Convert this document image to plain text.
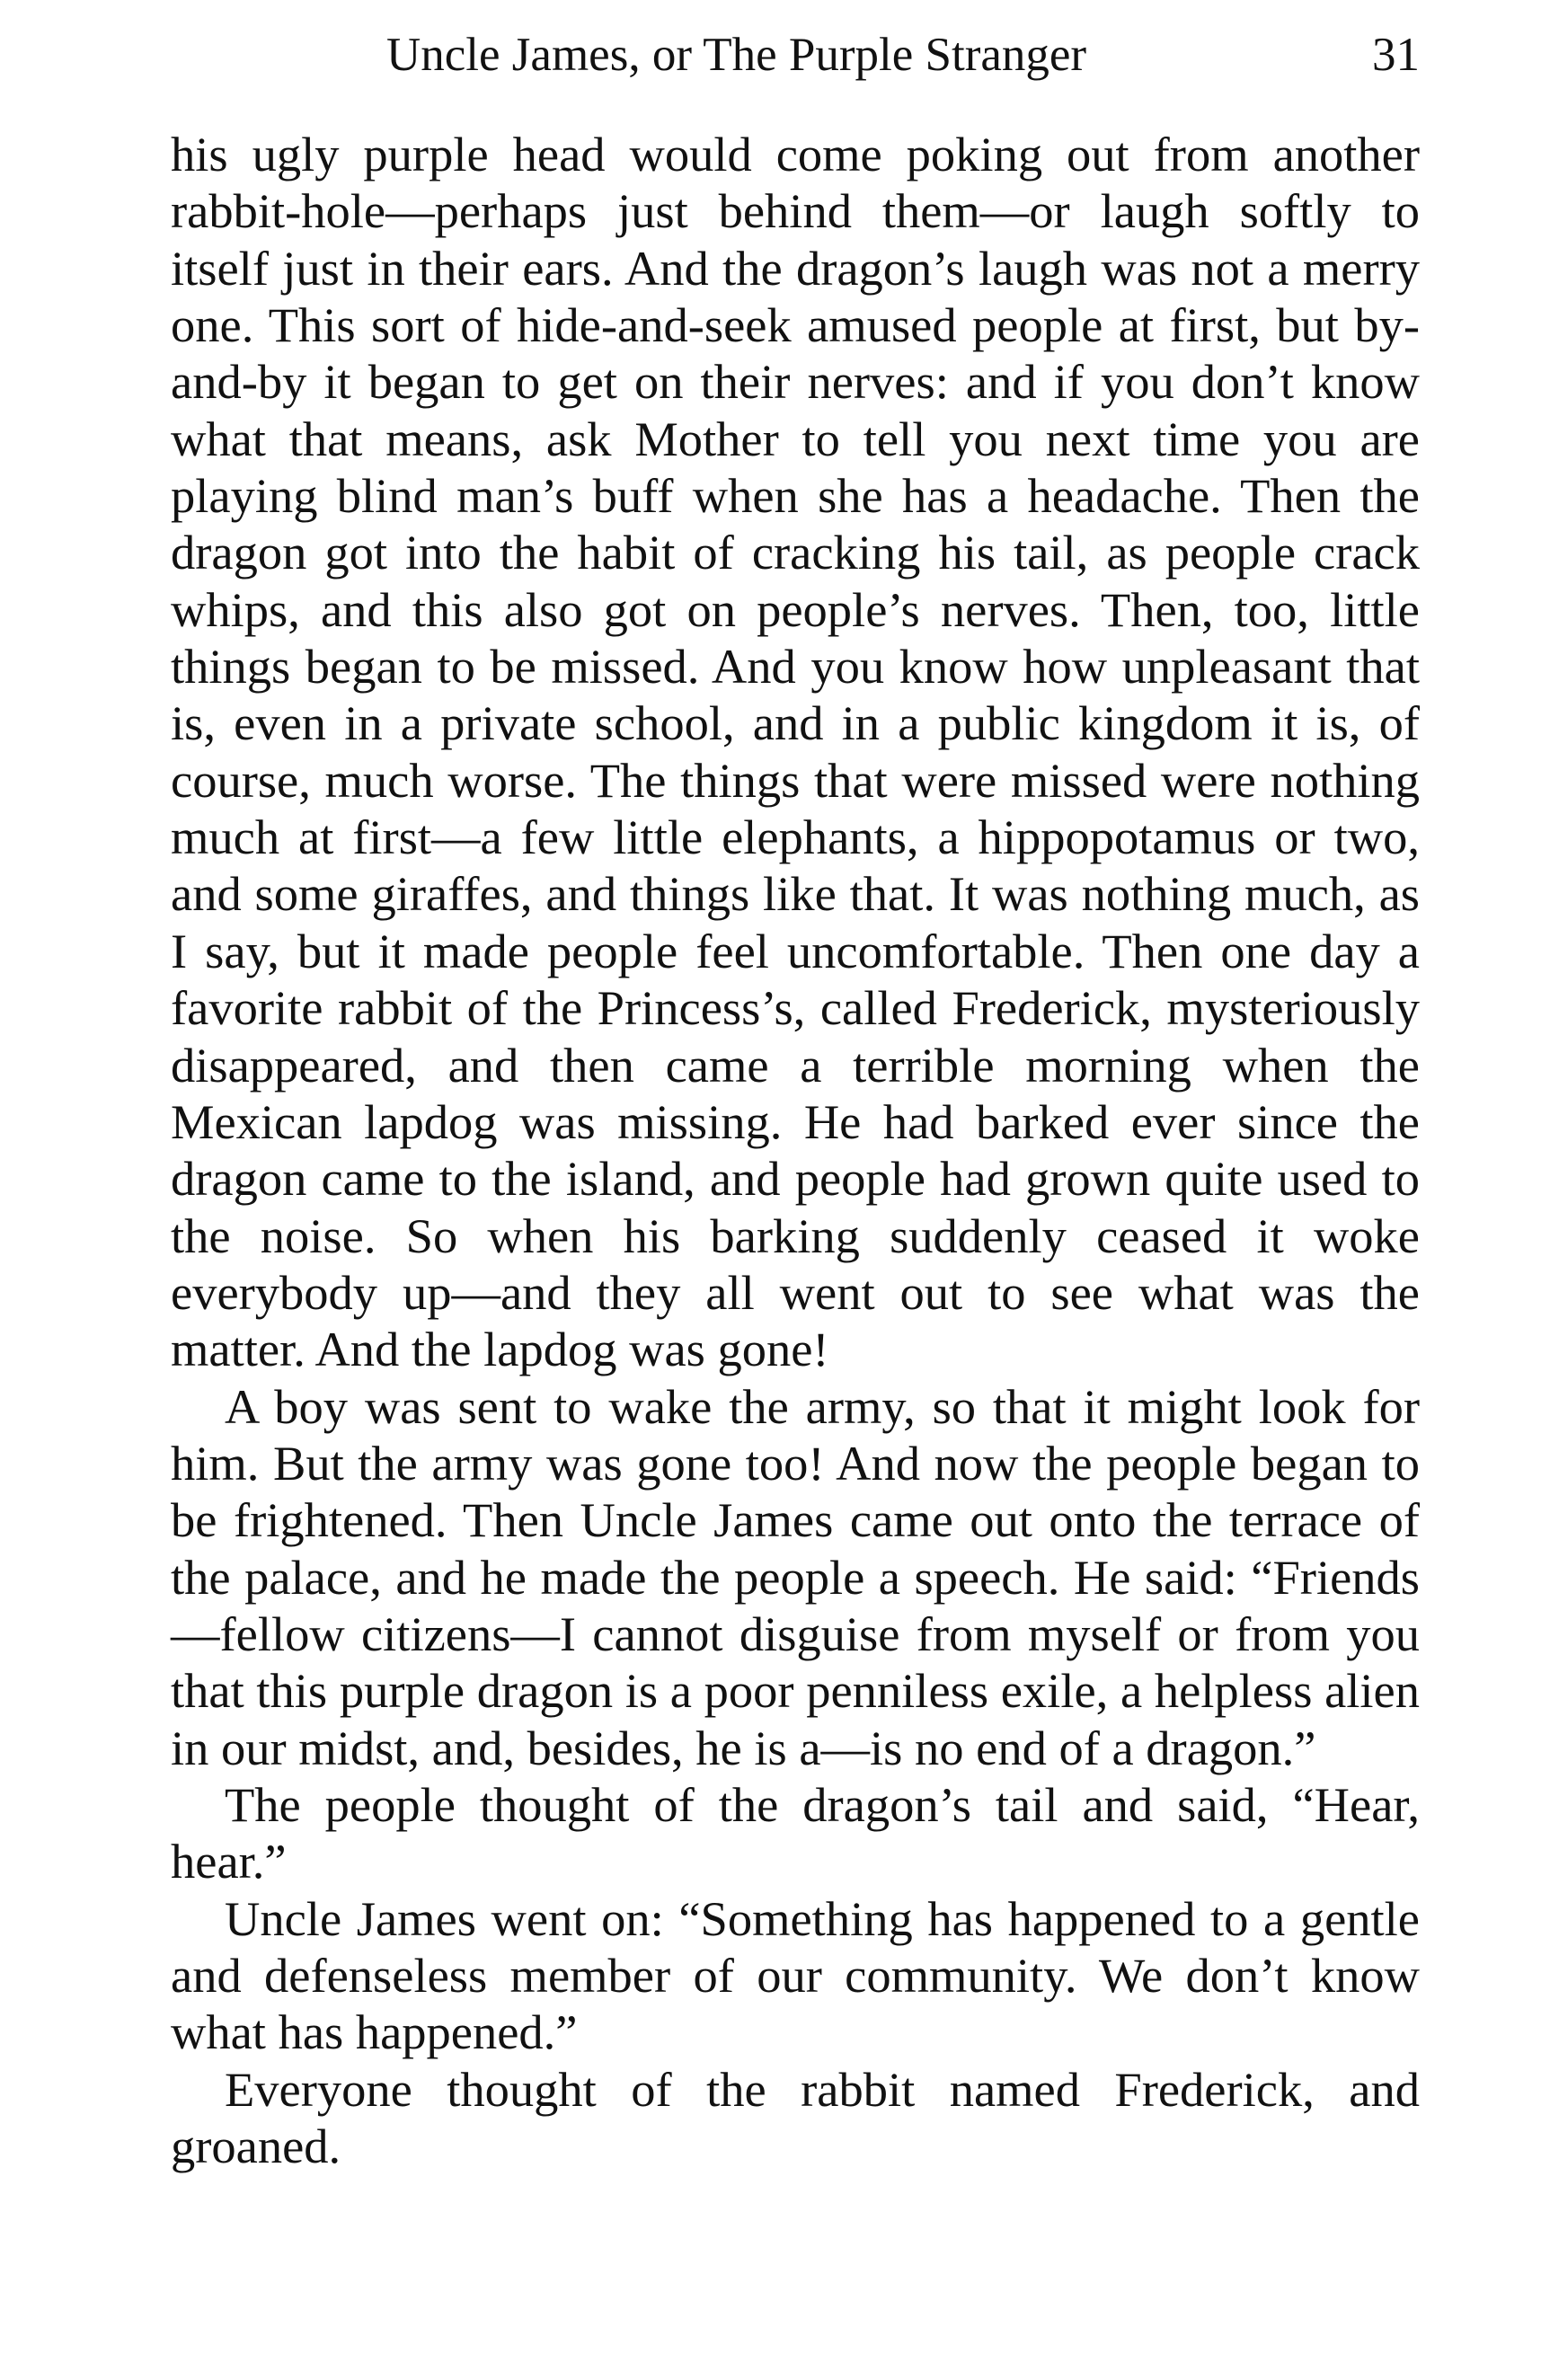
Uncle James, or The Purple Stranger	31

his ugly purple head would come poking out from another rabbit-hole—perhaps just behind them—or laugh softly to itself just in their ears. And the dragon’s laugh was not a merry one. This sort of hide-and-seek amused people at first, but by-and-by it began to get on their nerves: and if you don’t know what that means, ask Mother to tell you next time you are playing blind man’s buff when she has a headache. Then the dragon got into the habit of cracking his tail, as people crack whips, and this also got on people’s nerves. Then, too, little things began to be missed. And you know how unpleasant that is, even in a private school, and in a public kingdom it is, of course, much worse. The things that were missed were nothing much at first—a few little elephants, a hippopotamus or two, and some giraffes, and things like that. It was nothing much, as I say, but it made people feel uncomfortable. Then one day a favorite rabbit of the Princess’s, called Frederick, mysteriously disappeared, and then came a terrible morning when the Mexican lapdog was missing. He had barked ever since the dragon came to the island, and people had grown quite used to the noise. So when his barking suddenly ceased it woke everybody up—and they all went out to see what was the matter. And the lapdog was gone!

A boy was sent to wake the army, so that it might look for him. But the army was gone too! And now the people began to be frightened. Then Uncle James came out onto the terrace of the palace, and he made the people a speech. He said: “Friends—fellow citizens—I cannot disguise from myself or from you that this purple dragon is a poor penniless exile, a helpless alien in our midst, and, besides, he is a—is no end of a dragon.”

The people thought of the dragon’s tail and said, “Hear, hear.”

Uncle James went on: “Something has happened to a gentle and defenseless member of our community. We don’t know what has happened.”

Everyone thought of the rabbit named Frederick, and groaned.
